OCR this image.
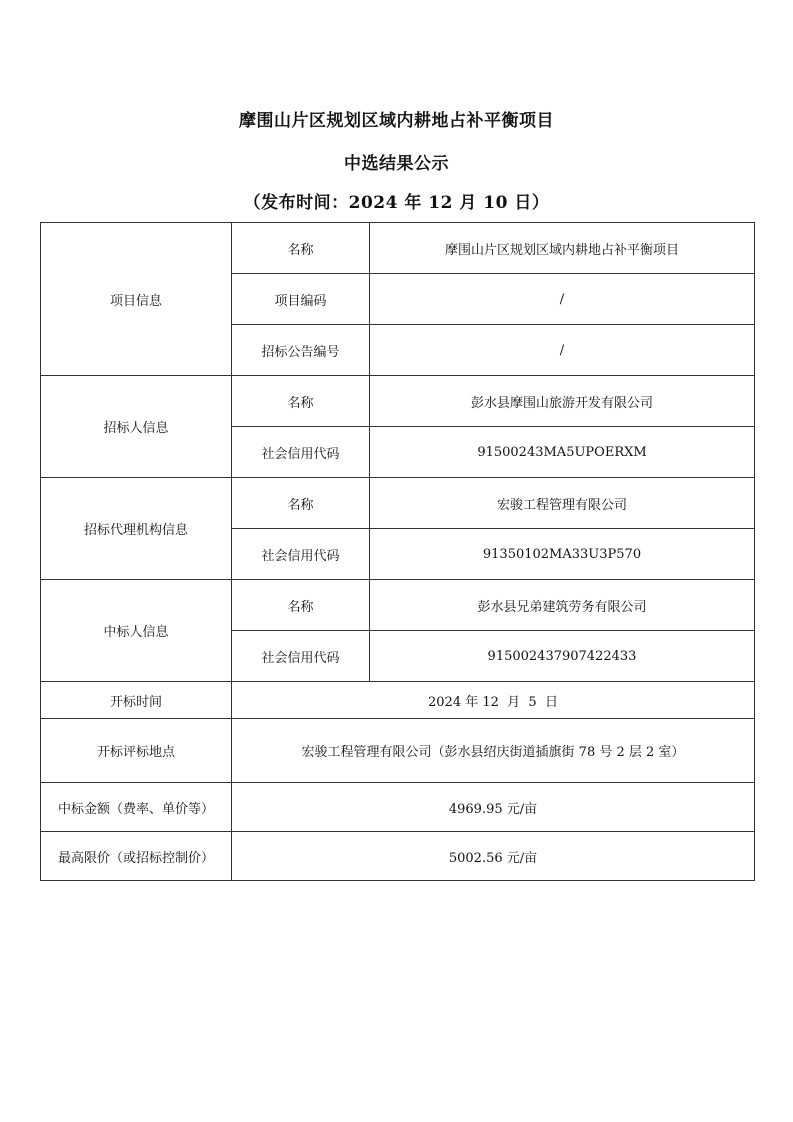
摩围山片区规划区域内耕地占补平衡项目
中选结果公示
（发布时间：2024 年 12 月 10 日）
项目信息	名称	摩围山片区规划区域内耕地占补平衡项目
	项目编码	/
	招标公告编号	/
招标人信息	名称	彭水县摩围山旅游开发有限公司
	社会信用代码	91500243MA5UPOERXM
招标代理机构信息	名称	宏骏工程管理有限公司
	社会信用代码	91350102MA33U3P570
中标人信息	名称	彭水县兄弟建筑劳务有限公司
	社会信用代码	915002437907422433
开标时间	2024 年 12  月  5  日	
开标评标地点	宏骏工程管理有限公司（彭水县绍庆街道插旗街 78 号 2 层 2 室）	
中标金额（费率、单价等）	4969.95 元/亩	
最高限价（或招标控制价）	5002.56 元/亩	
